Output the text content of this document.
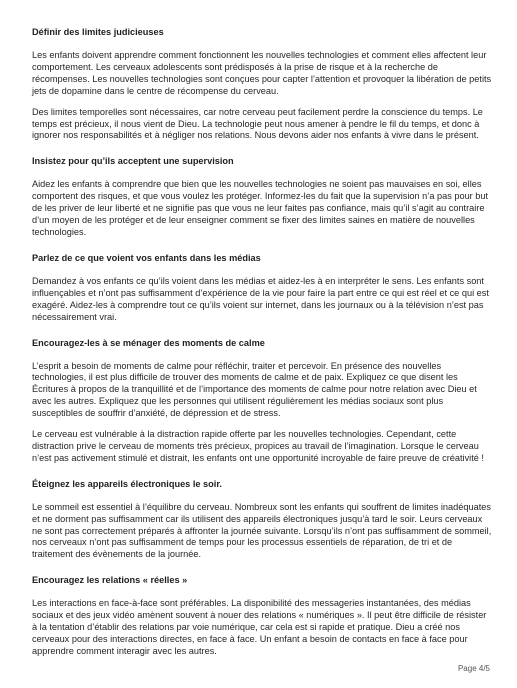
Définir des limites judicieuses

Les enfants doivent apprendre comment fonctionnent les nouvelles technologies et comment elles affectent leur comportement. Les cerveaux adolescents sont prédisposés à la prise de risque et à la recherche de récompenses. Les nouvelles technologies sont conçues pour capter l’attention et provoquer la libération de petits jets de dopamine dans le centre de récompense du cerveau.

Des limites temporelles sont nécessaires, car notre cerveau peut facilement perdre la conscience du temps. Le temps est précieux, il nous vient de Dieu. La technologie peut nous amener à pendre le fil du temps, et donc à ignorer nos responsabilités et à négliger nos relations. Nous devons aider nos enfants à vivre dans le présent.

Insistez pour qu’ils acceptent une supervision

Aidez les enfants à comprendre que bien que les nouvelles technologies ne soient pas mauvaises en soi, elles comportent des risques, et que vous voulez les protéger. Informez-les du fait que la supervision n’a pas pour but de les priver de leur liberté et ne signifie pas que vous ne leur faites pas confiance, mais qu’il s’agit au contraire d’un moyen de les protéger et de leur enseigner comment se fixer des limites saines en matière de nouvelles technologies.

Parlez de ce que voient vos enfants dans les médias

Demandez à vos enfants ce qu’ils voient dans les médias et aidez-les à en interpréter le sens. Les enfants sont influençables et n’ont pas suffisamment d’expérience de la vie pour faire la part entre ce qui est réel et ce qui est exagéré. Aidez-les à comprendre tout ce qu’ils voient sur internet, dans les journaux ou à la télévision n’est pas nécessairement vrai.

Encouragez-les à se ménager des moments de calme

L’esprit a besoin de moments de calme pour réfléchir, traiter et percevoir. En présence des nouvelles technologies, il est plus difficile de trouver des moments de calme et de paix. Expliquez ce que disent les Écritures à propos de la tranquillité et de l’importance des moments de calme pour notre relation avec Dieu et avec les autres. Expliquez que les personnes qui utilisent régulièrement les médias sociaux sont plus susceptibles de souffrir d’anxiété, de dépression et de stress.

Le cerveau est vulnérable à la distraction rapide offerte par les nouvelles technologies. Cependant, cette distraction prive le cerveau de moments très précieux, propices au travail de l’imagination. Lorsque le cerveau n’est pas activement stimulé et distrait, les enfants ont une opportunité incroyable de faire preuve de créativité !

Éteignez les appareils électroniques le soir.

Le sommeil est essentiel à l’équilibre du cerveau. Nombreux sont les enfants qui souffrent de limites inadéquates et ne dorment pas suffisamment car ils utilisent des appareils électroniques jusqu’à tard le soir. Leurs cerveaux ne sont pas correctement préparés à affronter la journée suivante. Lorsqu’ils n’ont pas suffisamment de sommeil, nos cerveaux n’ont pas suffisamment de temps pour les processus essentiels de réparation, de tri et de traitement des évènements de la journée.

Encouragez les relations « réelles »

Les interactions en face-à-face sont préférables. La disponibilité des messageries instantanées, des médias sociaux et des jeux vidéo amènent souvent à nouer des relations « numériques ». Il peut être difficile de résister à la tentation d’établir des relations par voie numérique, car cela est si rapide et pratique. Dieu a créé nos cerveaux pour des interactions directes, en face à face. Un enfant a besoin de contacts en face à face pour apprendre comment interagir avec les autres.

Page 4/5
